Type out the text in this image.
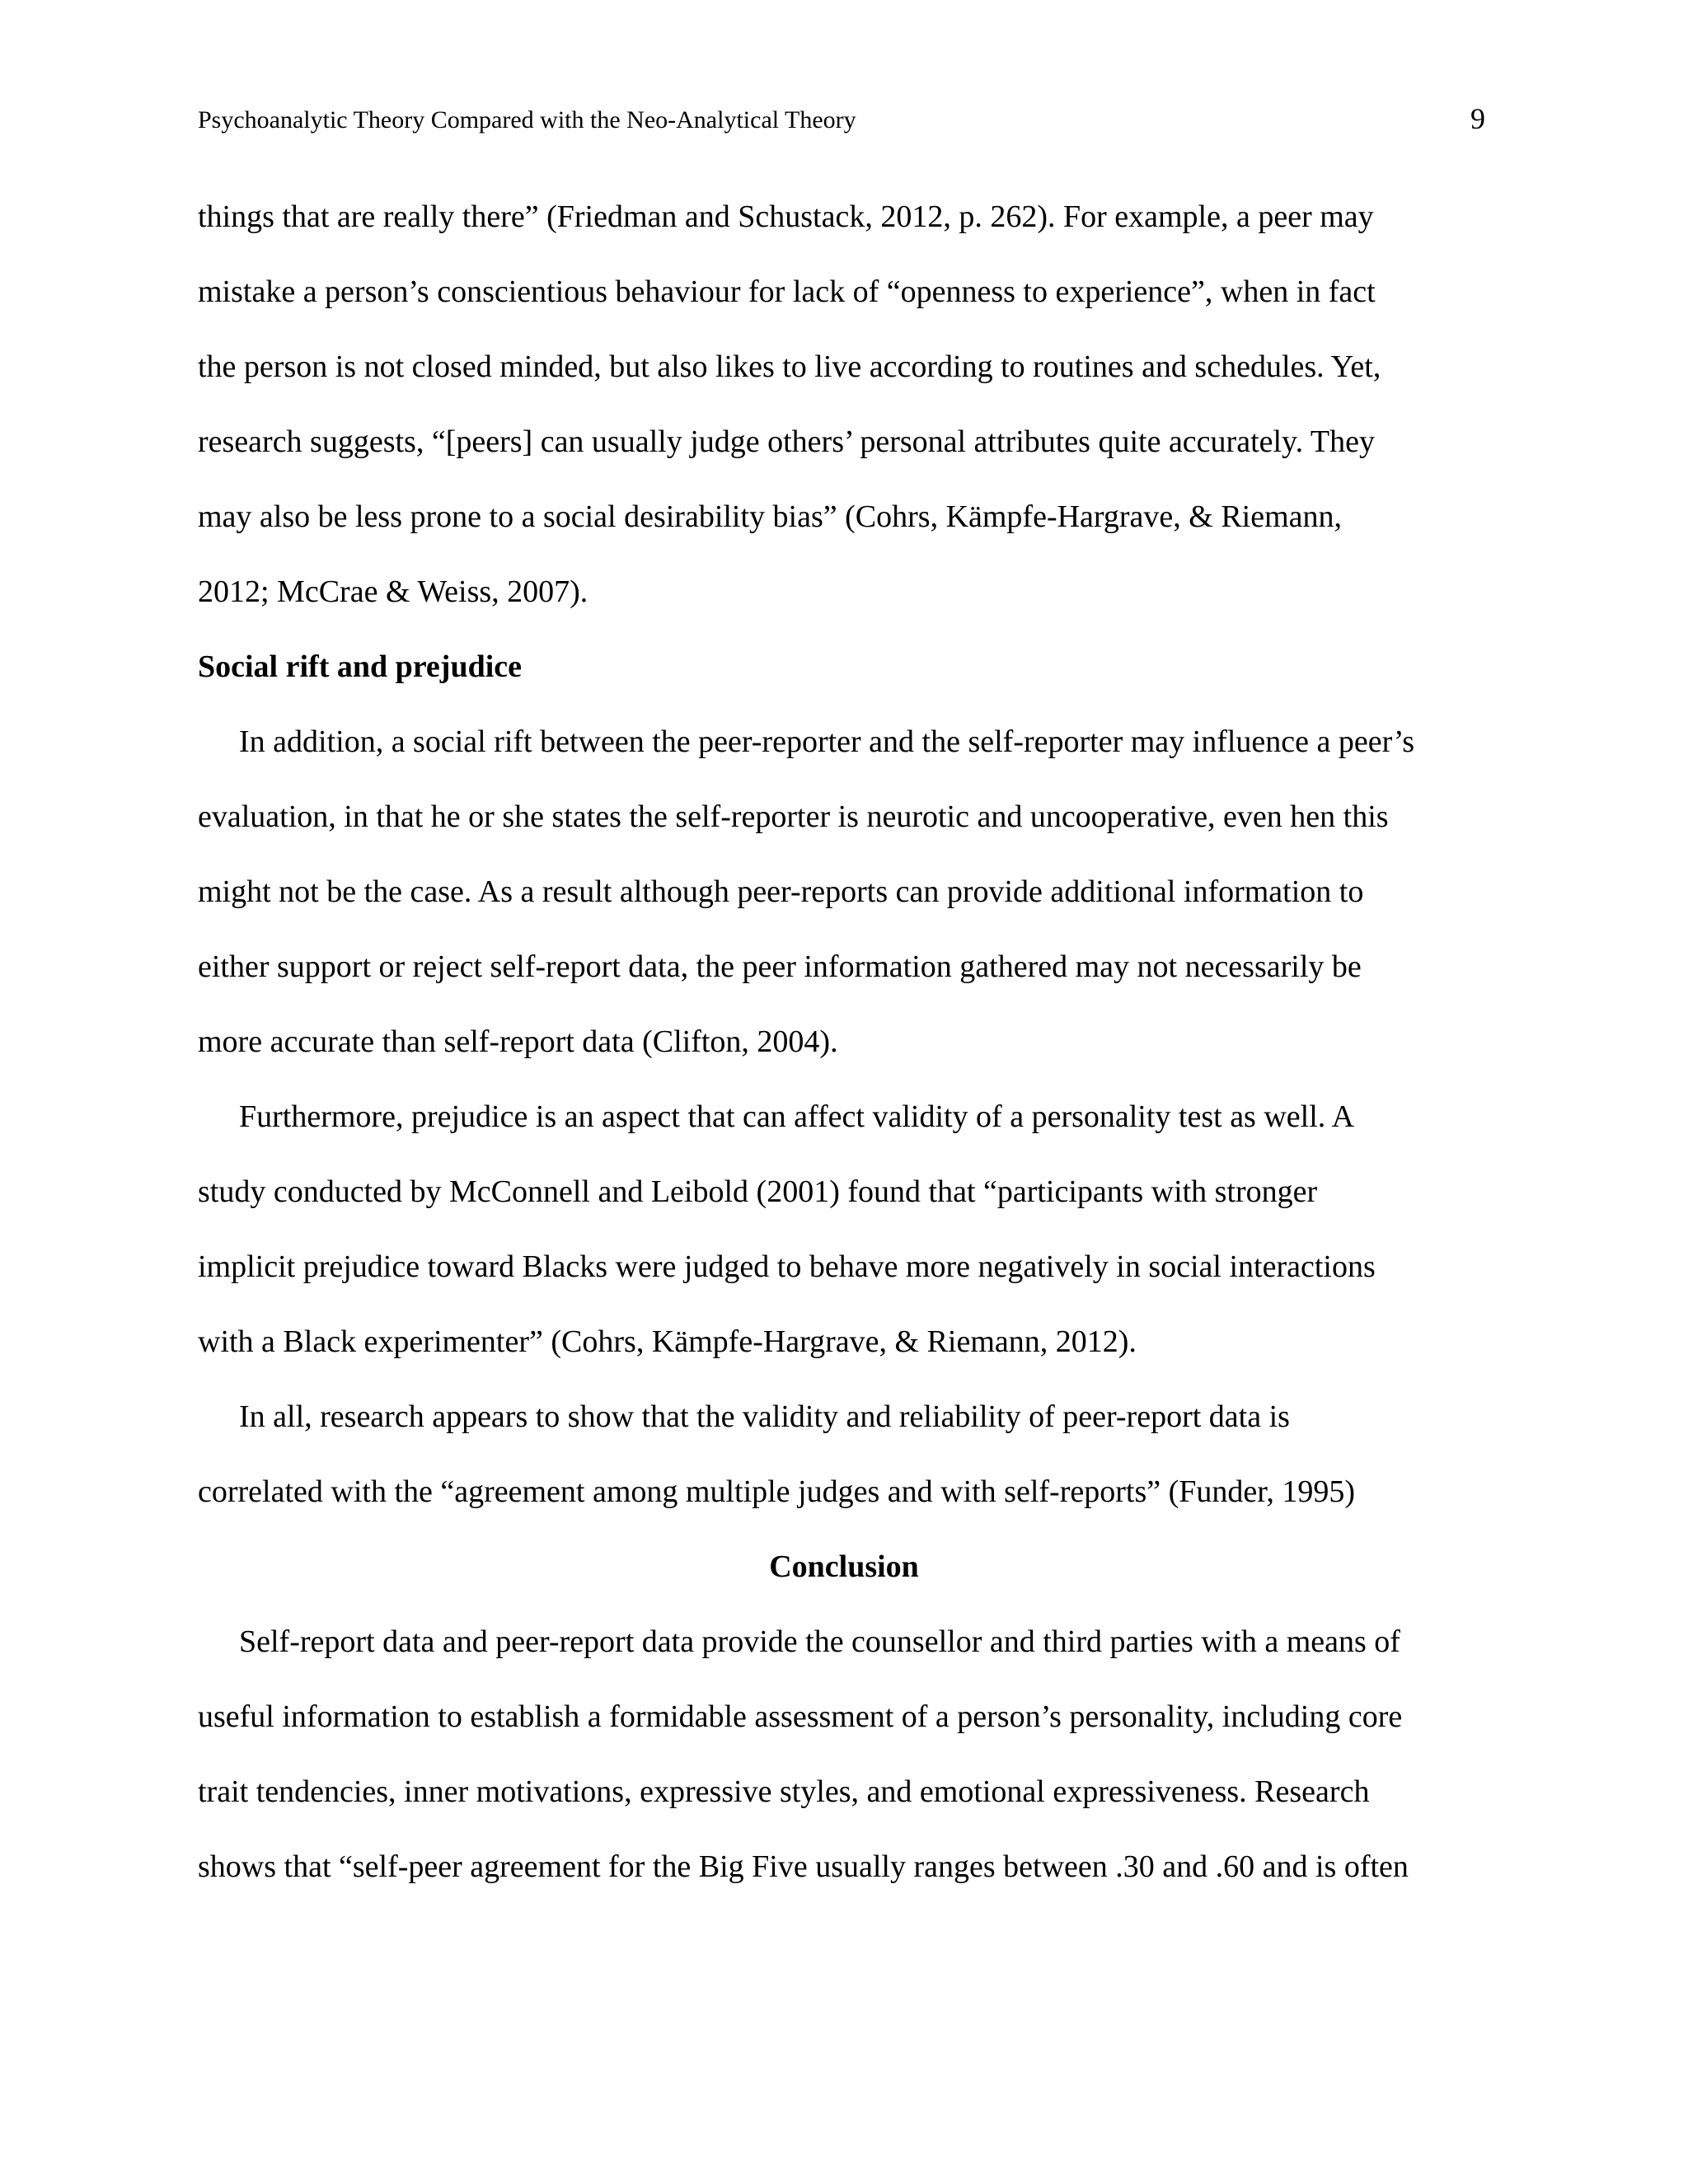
Psychoanalytic Theory Compared with the Neo-Analytical Theory	9
things that are really there” (Friedman and Schustack, 2012, p. 262). For example, a peer may
mistake a person’s conscientious behaviour for lack of “openness to experience”, when in fact
the person is not closed minded, but also likes to live according to routines and schedules. Yet,
research suggests, “[peers] can usually judge others’ personal attributes quite accurately. They
may also be less prone to a social desirability bias” (Cohrs, Kämpfe-Hargrave, & Riemann,
2012; McCrae & Weiss, 2007).
Social rift and prejudice
In addition, a social rift between the peer-reporter and the self-reporter may influence a peer’s
evaluation, in that he or she states the self-reporter is neurotic and uncooperative, even hen this
might not be the case. As a result although peer-reports can provide additional information to
either support or reject self-report data, the peer information gathered may not necessarily be
more accurate than self-report data (Clifton, 2004).
Furthermore, prejudice is an aspect that can affect validity of a personality test as well. A
study conducted by McConnell and Leibold (2001) found that “participants with stronger
implicit prejudice toward Blacks were judged to behave more negatively in social interactions
with a Black experimenter” (Cohrs, Kämpfe-Hargrave, & Riemann, 2012).
In all, research appears to show that the validity and reliability of peer-report data is
correlated with the “agreement among multiple judges and with self-reports” (Funder, 1995)
Conclusion
Self-report data and peer-report data provide the counsellor and third parties with a means of
useful information to establish a formidable assessment of a person’s personality, including core
trait tendencies, inner motivations, expressive styles, and emotional expressiveness. Research
shows that “self-peer agreement for the Big Five usually ranges between .30 and .60 and is often
